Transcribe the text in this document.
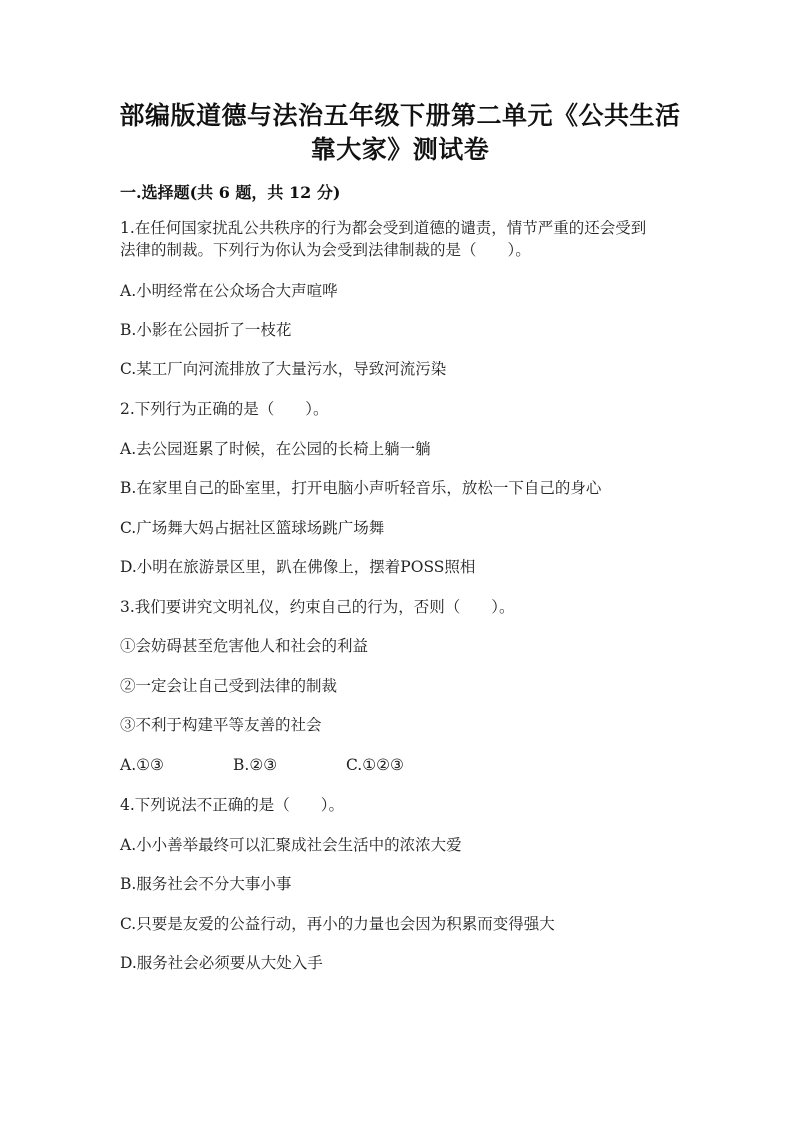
部编版道德与法治五年级下册第二单元《公共生活
靠大家》测试卷
一.选择题(共 6 题，共 12 分)
1.在任何国家扰乱公共秩序的行为都会受到道德的谴责，情节严重的还会受到
法律的制裁。下列行为你认为会受到法律制裁的是（　　）。
A.小明经常在公众场合大声喧哗
B.小影在公园折了一枝花
C.某工厂向河流排放了大量污水，导致河流污染
2.下列行为正确的是（　　）。
A.去公园逛累了时候，在公园的长椅上躺一躺
B.在家里自己的卧室里，打开电脑小声听轻音乐，放松一下自己的身心
C.广场舞大妈占据社区篮球场跳广场舞
D.小明在旅游景区里，趴在佛像上，摆着POSS照相
3.我们要讲究文明礼仪，约束自己的行为，否则（　　）。
①会妨碍甚至危害他人和社会的利益
②一定会让自己受到法律的制裁
③不利于构建平等友善的社会
A.①③	B.②③	C.①②③
4.下列说法不正确的是（　　）。
A.小小善举最终可以汇聚成社会生活中的浓浓大爱
B.服务社会不分大事小事
C.只要是友爱的公益行动，再小的力量也会因为积累而变得强大
D.服务社会必须要从大处入手
